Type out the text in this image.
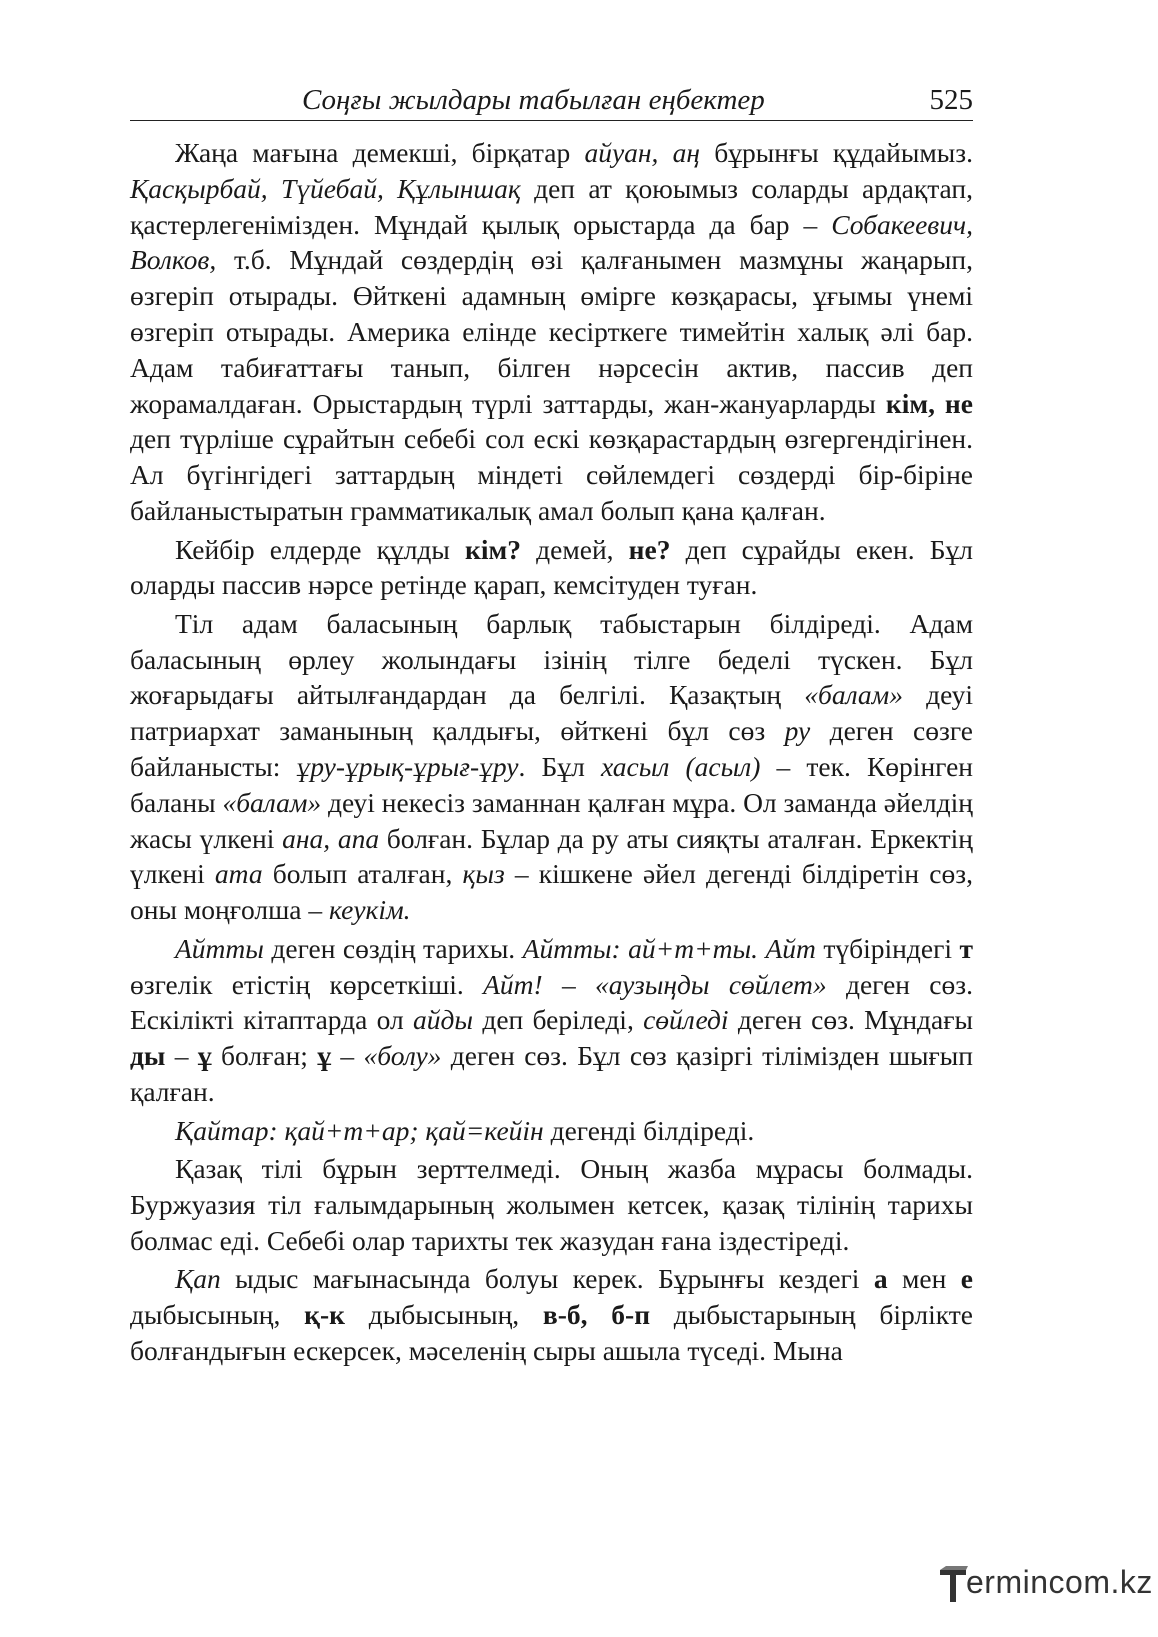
Соңғы жылдары табылған еңбектер	525

Жаңа мағына демекші, бірқатар айуан, аң бұрынғы құдайымыз. Қасқырбай, Түйебай, Құлыншақ деп ат қоюымыз соларды ардақтап, қастерлегенімізден. Мұндай қылық орыстарда да бар – Собакеевич, Волков, т.б. Мұндай сөздердің өзі қалғанымен мазмұны жаңарып, өзгеріп отырады. Өйткені адамның өмірге көзқарасы, ұғымы үнемі өзгеріп отырады. Америка елінде кесірткеге тимейтін халық әлі бар. Адам табиғаттағы танып, білген нәрсесін актив, пассив деп жорамалдаған. Орыстардың түрлі заттарды, жан-жануарларды кім, не деп түрліше сұрайтын себебі сол ескі көзқарастардың өзгергендігінен. Ал бүгінгідегі заттардың міндеті сөйлемдегі сөздерді бір-біріне байланыстыратын грамматикалық амал болып қана қалған.

Кейбір елдерде құлды кім? демей, не? деп сұрайды екен. Бұл оларды пассив нәрсе ретінде қарап, кемсітуден туған.

Тіл адам баласының барлық табыстарын білдіреді. Адам баласының өрлеу жолындағы ізінің тілге беделі түскен. Бұл жоғарыдағы айтылғандардан да белгілі. Қазақтың «балам» деуі патриархат заманының қалдығы, өйткені бұл сөз ру деген сөзге байланысты: ұру-ұрық-ұрығ-ұру. Бұл хасыл (асыл) – тек. Көрінген баланы «балам» деуі некесіз заманнан қалған мұра. Ол заманда әйелдің жасы үлкені ана, апа болған. Бұлар да ру аты сияқты аталған. Еркектің үлкені ата болып аталған, қыз – кішкене әйел дегенді білдіретін сөз, оны моңғолша – кеукім.

Айтты деген сөздің тарихы. Айтты: ай+т+ты. Айт түбіріндегі т өзгелік етістің көрсеткіші. Айт! – «аузыңды сөйлет» деген сөз. Ескілікті кітаптарда ол айды деп беріледі, сөйледі деген сөз. Мұндағы ды – ұ болған; ұ – «болу» деген сөз. Бұл сөз қазіргі тілімізден шығып қалған.

Қайтар: қай+т+ар; қай=кейін дегенді білдіреді.

Қазақ тілі бұрын зерттелмеді. Оның жазба мұрасы болмады. Буржуазия тіл ғалымдарының жолымен кетсек, қазақ тілінің тарихы болмас еді. Себебі олар тарихты тек жазудан ғана іздестіреді.

Қап ыдыс мағынасында болуы керек. Бұрынғы кездегі а мен е дыбысының, қ-к дыбысының, в-б, б-п дыбыстарының бірлікте болғандығын ескерсек, мәселенің сыры ашыла түседі. Мына

ermincom.kz
